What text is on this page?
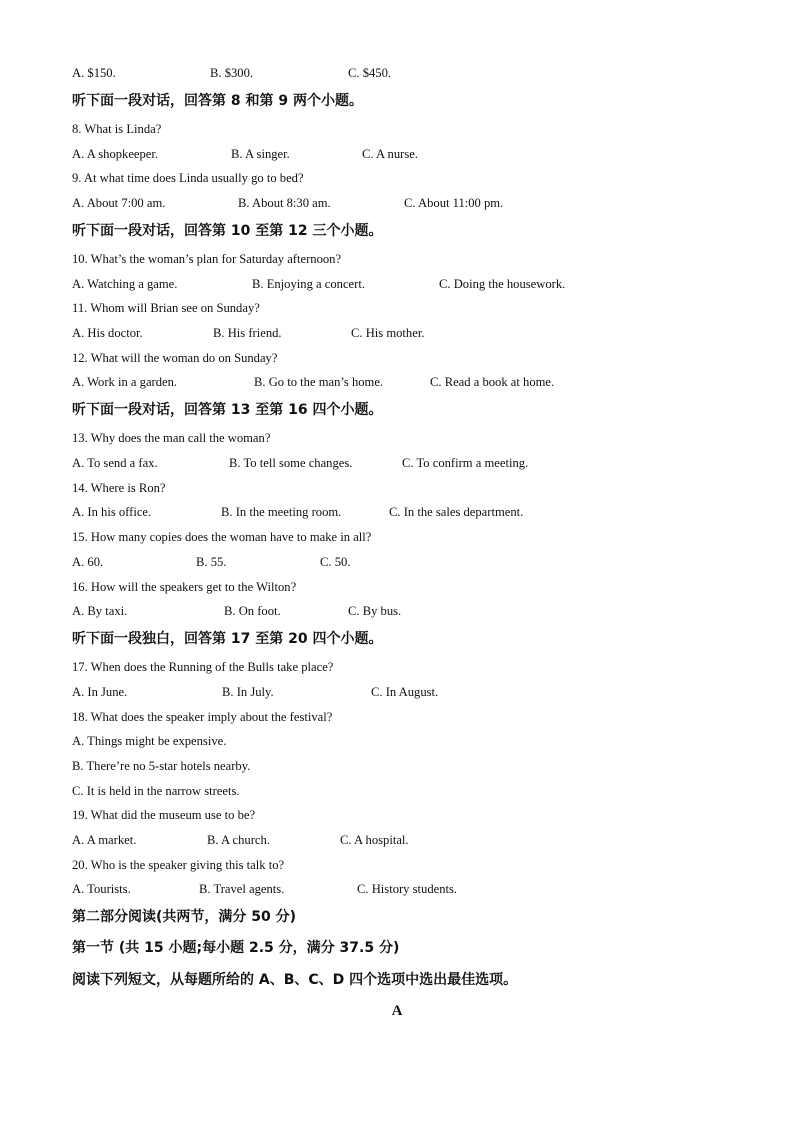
A. $150.	B. $300.	C. $450.
听下面一段对话，回答第 8 和第 9 两个小题。
8. What is Linda?
A. A shopkeeper.	B. A singer.	C. A nurse.
9. At what time does Linda usually go to bed?
A. About 7:00 am.	B. About 8:30 am.	C. About 11:00 pm.
听下面一段对话，回答第 10 至第 12 三个小题。
10. What’s the woman’s plan for Saturday afternoon?
A. Watching a game.	B. Enjoying a concert.	C. Doing the housework.
11. Whom will Brian see on Sunday?
A. His doctor.	B. His friend.	C. His mother.
12. What will the woman do on Sunday?
A. Work in a garden.	B. Go to the man’s home.	C. Read a book at home.
听下面一段对话，回答第 13 至第 16 四个小题。
13. Why does the man call the woman?
A. To send a fax.	B. To tell some changes.	C. To confirm a meeting.
14. Where is Ron?
A. In his office.	B. In the meeting room.	C. In the sales department.
15. How many copies does the woman have to make in all?
A. 60.	B. 55.	C. 50.
16. How will the speakers get to the Wilton?
A. By taxi.	B. On foot.	C. By bus.
听下面一段独白，回答第 17 至第 20 四个小题。
17. When does the Running of the Bulls take place?
A. In June.	B. In July.	C. In August.
18. What does the speaker imply about the festival?
A. Things might be expensive.
B. There’re no 5-star hotels nearby.
C. It is held in the narrow streets.
19. What did the museum use to be?
A. A market.	B. A church.	C. A hospital.
20. Who is the speaker giving this talk to?
A. Tourists.	B. Travel agents.	C. History students.
第二部分阅读(共两节，满分 50 分)
第一节 (共 15 小题;每小题 2.5 分，满分 37.5 分)
阅读下列短文，从每题所给的 A、B、C、D 四个选项中选出最佳选项。
A
